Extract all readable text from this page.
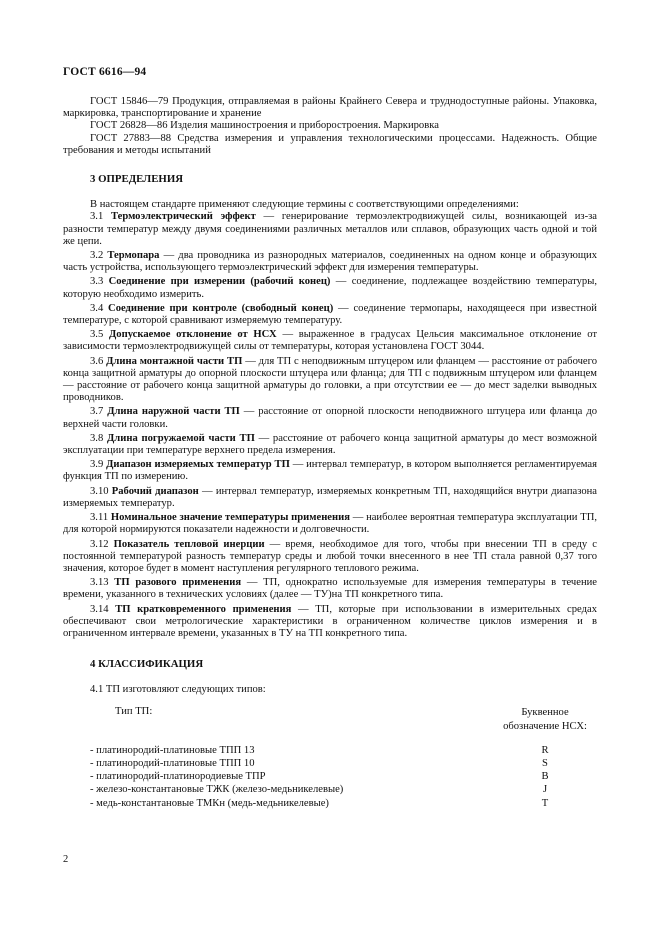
ГОСТ 6616—94

ГОСТ 15846—79 Продукция, отправляемая в районы Крайнего Севера и труднодоступные районы. Упаковка, маркировка, транспортирование и хранение

ГОСТ 26828—86 Изделия машиностроения и приборостроения. Маркировка

ГОСТ 27883—88 Средства измерения и управления технологическими процессами. Надежность. Общие требования и методы испытаний

3 ОПРЕДЕЛЕНИЯ

В настоящем стандарте применяют следующие термины с соответствующими определениями:

3.1 Термоэлектрический эффект — генерирование термоэлектродвижущей силы, возникающей из-за разности температур между двумя соединениями различных металлов или сплавов, образующих часть одной и той же цепи.

3.2 Термопара — два проводника из разнородных материалов, соединенных на одном конце и образующих часть устройства, использующего термоэлектрический эффект для измерения температуры.

3.3 Соединение при измерении (рабочий конец) — соединение, подлежащее воздействию температуры, которую необходимо измерить.

3.4 Соединение при контроле (свободный конец) — соединение термопары, находящееся при известной температуре, с которой сравнивают измеряемую температуру.

3.5 Допускаемое отклонение от НСХ — выраженное в градусах Цельсия максимальное отклонение от зависимости термоэлектродвижущей силы от температуры, которая установлена ГОСТ 3044.

3.6 Длина монтажной части ТП — для ТП с неподвижным штуцером или фланцем — расстояние от рабочего конца защитной арматуры до опорной плоскости штуцера или фланца; для ТП с подвижным штуцером или фланцем — расстояние от рабочего конца защитной арматуры до головки, а при отсутствии ее — до мест заделки выводных проводников.

3.7 Длина наружной части ТП — расстояние от опорной плоскости неподвижного штуцера или фланца до верхней части головки.

3.8 Длина погружаемой части ТП — расстояние от рабочего конца защитной арматуры до мест возможной эксплуатации при температуре верхнего предела измерения.

3.9 Диапазон измеряемых температур ТП — интервал температур, в котором выполняется регламентируемая функция ТП по измерению.

3.10 Рабочий диапазон — интервал температур, измеряемых конкретным ТП, находящийся внутри диапазона измеряемых температур.

3.11 Номинальное значение температуры применения — наиболее вероятная температура эксплуатации ТП, для которой нормируются показатели надежности и долговечности.

3.12 Показатель тепловой инерции — время, необходимое для того, чтобы при внесении ТП в среду с постоянной температурой разность температур среды и любой точки внесенного в нее ТП стала равной 0,37 того значения, которое будет в момент наступления регулярного теплового режима.

3.13 ТП разового применения — ТП, однократно используемые для измерения температуры в течение времени, указанного в технических условиях (далее — ТУ)на ТП конкретного типа.

3.14 ТП кратковременного применения — ТП, которые при использовании в измерительных средах обеспечивают свои метрологические характеристики в ограниченном количестве циклов измерения и в ограниченном интервале времени, указанных в ТУ на ТП конкретного типа.

4 КЛАССИФИКАЦИЯ

4.1 ТП изготовляют следующих типов:

Тип ТП:	Буквенное
обозначение НСХ:
- платинородий-платиновые ТПП 13	R
- платинородий-платиновые ТПП 10	S
- платинородий-платинородиевые ТПР	B
- железо-константановые ТЖК (железо-медьникелевые)	J
- медь-константановые ТМКн (медь-медьникелевые)	T
2
